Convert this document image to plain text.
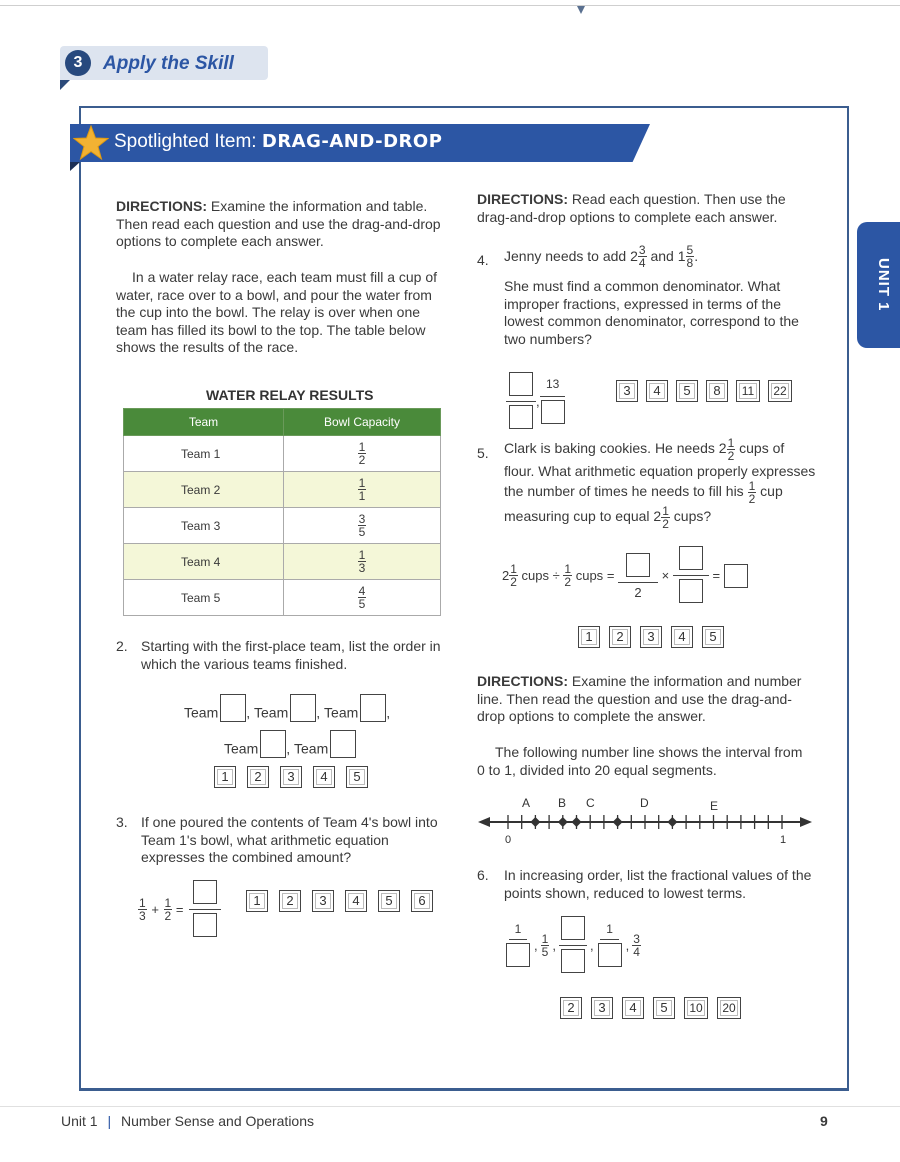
3	Apply the Skill
Spotlighted Item: DRAG-AND-DROP
UNIT 1
DIRECTIONS: Examine the information and table. Then read each question and use the drag-and-drop options to complete each answer.
In a water relay race, each team must fill a cup of water, race over to a bowl, and pour the water from the cup into the bowl. The relay is over when one team has filled its bowl to the top. The table below shows the results of the race.
WATER RELAY RESULTS
Team	Bowl Capacity
Team 1	$\frac{1}{2}$

Team 2	$\frac{1}{1}$

Team 3	$\frac{3}{5}$

Team 4	$\frac{1}{3}$

Team 5	$\frac{4}{5}$
2. Starting with the first-place team, list the order in which the various teams finished.
Team , Team , Team ,
Team , Team
1 2 3 4 5
3. If one poured the contents of Team 4's bowl into Team 1's bowl, what arithmetic equation expresses the combined amount?
$\frac{1}{3} + \frac{1}{2}$ =
1 2 3 4 5 6
DIRECTIONS: Read each question. Then use the drag-and-drop options to complete each answer.
4. Jenny needs to add $2 \frac{3}{4}$ and $1 \frac{5}{8}$ .
She must find a common denominator. What improper fractions, expressed in terms of the lowest common denominator, correspond to the two numbers?
,
13	3 4 5 8 11 22
5. Clark is baking cookies. He needs $2 \frac{1}{2}$ cups of flour. What arithmetic equation properly expresses the number of times he needs to fill his $\frac{1}{2}$ cup measuring cup to equal $2 \frac{1}{2}$ cups?
$2 \frac{1}{2}$ cups ÷ $\frac{1}{2}$ cups =
2
×	=
1 2 3 4 5
DIRECTIONS: Examine the information and number line. Then read the question and use the drag-and-drop options to complete the answer.
The following number line shows the interval from 0 to 1, divided into 20 equal segments.
A B C	D	E
0	1
6. In increasing order, list the fractional values of the points shown, reduced to lowest terms.
1
, $\frac{1}{5}$ ,	,
1
, $\frac{3}{4}$
2 3 4 5 10 20
Unit 1 | Number Sense and Operations	9
